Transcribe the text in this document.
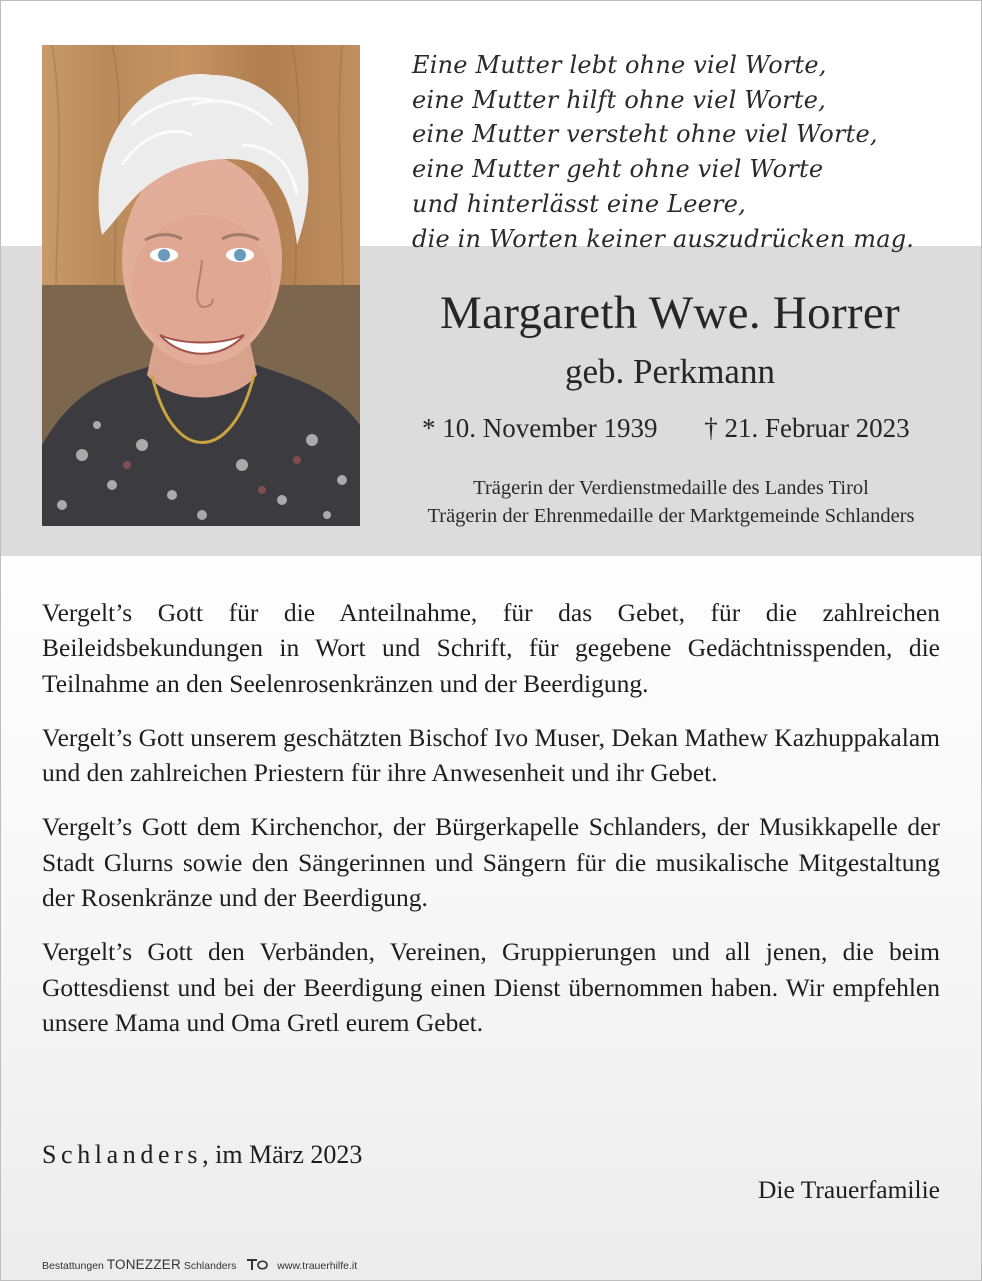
Eine Mutter lebt ohne viel Worte,
eine Mutter hilft ohne viel Worte,
eine Mutter versteht ohne viel Worte,
eine Mutter geht ohne viel Worte
und hinterlässt eine Leere,
die in Worten keiner auszudrücken mag.
Margareth Wwe. Horrer
geb. Perkmann
* 10. November 1939 † 21. Februar 2023
Trägerin der Verdienstmedaille des Landes Tirol
Trägerin der Ehrenmedaille der Marktgemeinde Schlanders

Vergelt’s Gott für die Anteilnahme, für das Gebet, für die zahlreichen Beileidsbekundungen in Wort und Schrift, für gegebene Gedächtnisspenden, die Teilnahme an den Seelenrosenkränzen und der Beerdigung.

Vergelt’s Gott unserem geschätzten Bischof Ivo Muser, Dekan Mathew Kazhuppakalam und den zahlreichen Priestern für ihre Anwesenheit und ihr Gebet.

Vergelt’s Gott dem Kirchenchor, der Bürgerkapelle Schlanders, der Musikkapelle der Stadt Glurns sowie den Sängerinnen und Sängern für die musikalische Mitgestaltung der Rosenkränze und der Beerdigung.

Vergelt’s Gott den Verbänden, Vereinen, Gruppierungen und all jenen, die beim Gottesdienst und bei der Beerdigung einen Dienst übernommen haben. Wir empfehlen unsere Mama und Oma Gretl eurem Gebet.

Schlanders, im März 2023
Die Trauerfamilie
Bestattungen TONEZZER Schlanders	www.trauerhilfe.it
